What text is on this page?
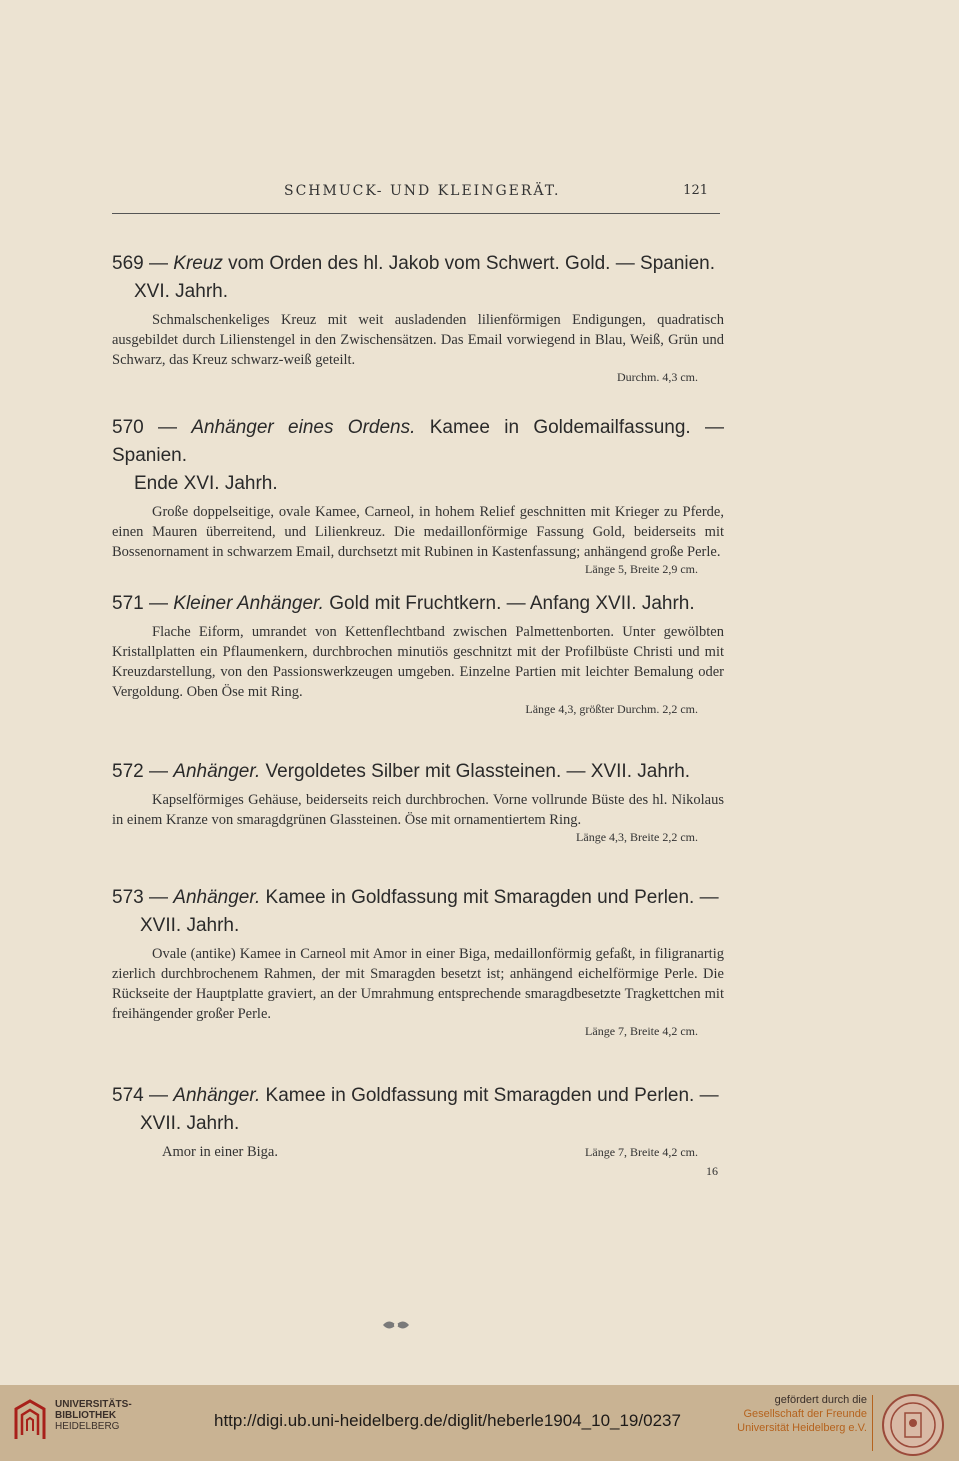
SCHMUCK- UND KLEINGERÄT.	121

569 — Kreuz vom Orden des hl. Jakob vom Schwert. Gold. — Spanien.

XVI. Jahrh.

Schmalschenkeliges Kreuz mit weit ausladenden lilienförmigen Endigungen, quadratisch ausgebildet durch Lilienstengel in den Zwischensätzen. Das Email vorwiegend in Blau, Weiß, Grün und Schwarz, das Kreuz schwarz-weiß geteilt.

Durchm. 4,3 cm.

570 — Anhänger eines Ordens. Kamee in Goldemailfassung. — Spanien.

Ende XVI. Jahrh.

Große doppelseitige, ovale Kamee, Carneol, in hohem Relief geschnitten mit Krieger zu Pferde, einen Mauren überreitend, und Lilienkreuz. Die medaillonförmige Fassung Gold, beiderseits mit Bossenornament in schwarzem Email, durchsetzt mit Rubinen in Kastenfassung; anhängend große Perle.

Länge 5, Breite 2,9 cm.

571 — Kleiner Anhänger. Gold mit Fruchtkern. — Anfang XVII. Jahrh.

Flache Eiform, umrandet von Kettenflechtband zwischen Palmettenborten. Unter gewölbten Kristallplatten ein Pflaumenkern, durchbrochen minutiös geschnitzt mit der Profilbüste Christi und mit Kreuzdarstellung, von den Passionswerkzeugen umgeben. Einzelne Partien mit leichter Bemalung oder Vergoldung. Oben Öse mit Ring.

Länge 4,3, größter Durchm. 2,2 cm.

572 — Anhänger. Vergoldetes Silber mit Glassteinen. — XVII. Jahrh.

Kapselförmiges Gehäuse, beiderseits reich durchbrochen. Vorne vollrunde Büste des hl. Nikolaus in einem Kranze von smaragdgrünen Glassteinen. Öse mit ornamentiertem Ring.

Länge 4,3, Breite 2,2 cm.

573 — Anhänger. Kamee in Goldfassung mit Smaragden und Perlen. —

XVII. Jahrh.

Ovale (antike) Kamee in Carneol mit Amor in einer Biga, medaillonförmig gefaßt, in filigranartig zierlich durchbrochenem Rahmen, der mit Smaragden besetzt ist; anhängend eichelförmige Perle. Die Rückseite der Hauptplatte graviert, an der Umrahmung entsprechende smaragdbesetzte Tragkettchen mit freihängender großer Perle.

Länge 7, Breite 4,2 cm.

574 — Anhänger. Kamee in Goldfassung mit Smaragden und Perlen. —

XVII. Jahrh.

Amor in einer Biga.	Länge 7, Breite 4,2 cm.

16
UNIVERSITÄTS-
BIBLIOTHEK
HEIDELBERG	http://digi.ub.uni-heidelberg.de/diglit/heberle1904_10_19/0237
gefördert durch die
Gesellschaft der Freunde
Universität Heidelberg e.V.
